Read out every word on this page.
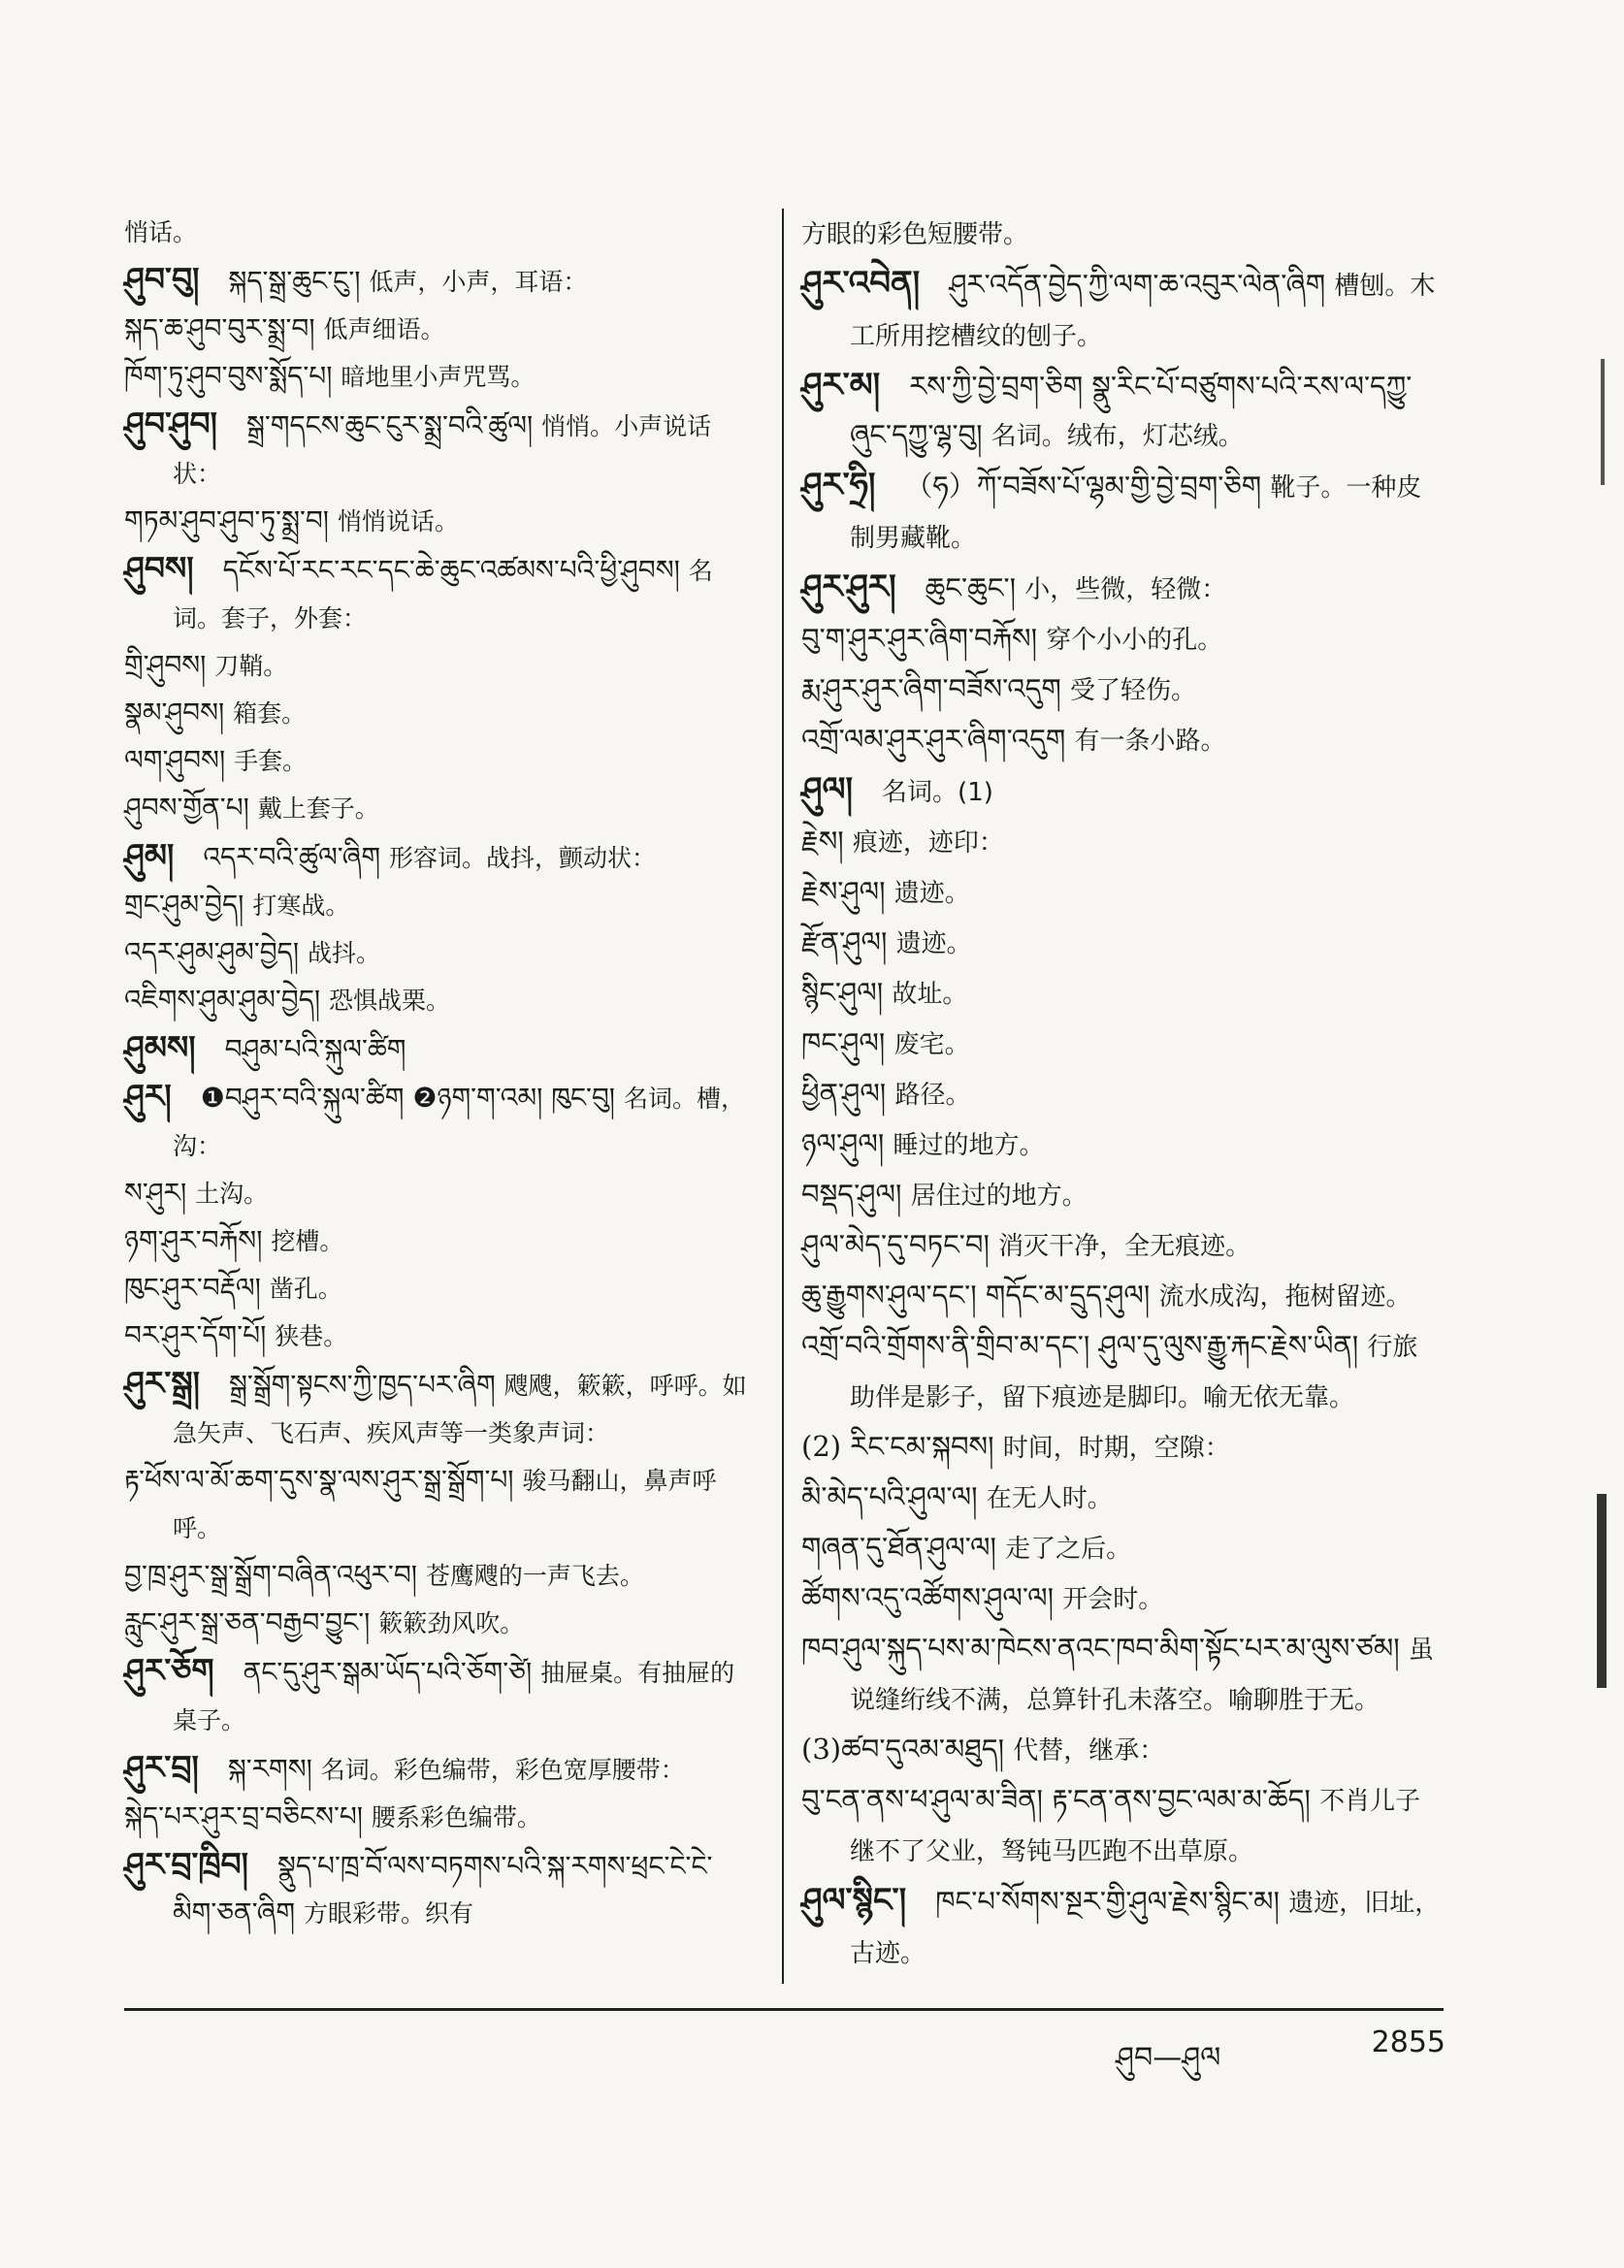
悄话。

ཤུབ་བུ། སྐད་སྒྲ་ཆུང་ངུ་། 低声，小声，耳语：

སྐད་ཆ་ཤུབ་བུར་སྨྲ་བ། 低声细语。

ཁོག་ཏུ་ཤུབ་བུས་སྨོད་པ། 暗地里小声咒骂。

ཤུབ་ཤུབ། སྒྲ་གདངས་ཆུང་ངུར་སྨྲ་བའི་ཚུལ། 悄悄。小声说话状：

གཏམ་ཤུབ་ཤུབ་ཏུ་སྨྲ་བ། 悄悄说话。

ཤུབས། དངོས་པོ་རང་རང་དང་ཆེ་ཆུང་འཚམས་པའི་ཕྱི་ཤུབས། 名词。套子，外套：

གྲི་ཤུབས། 刀鞘。

སྣམ་ཤུབས། 箱套。

ལག་ཤུབས། 手套。

ཤུབས་གྱོན་པ། 戴上套子。

ཤུམ། འདར་བའི་ཚུལ་ཞིག 形容词。战抖，颤动状：

གྲང་ཤུམ་བྱེད། 打寒战。

འདར་ཤུམ་ཤུམ་བྱེད། 战抖。

འཇིགས་ཤུམ་ཤུམ་བྱེད། 恐惧战栗。

ཤུམས། བཤུམ་པའི་སྐུལ་ཚིག

ཤུར། ❶བཤུར་བའི་སྐུལ་ཚིག ❷ཉག་ག་འམ། ཁུང་བུ། 名词。槽，沟：

ས་ཤུར། 土沟。

ཉག་ཤུར་བརྐོས། 挖槽。

ཁུང་ཤུར་བརྡོལ། 凿孔。

བར་ཤུར་དོག་པོ། 狭巷。

ཤུར་སྒྲ། སྒྲ་སྒྲོག་སྟངས་ཀྱི་ཁྱད་པར་ཞིག 飕飕，簌簌，呼呼。如急矢声、飞石声、疾风声等一类象声词：

རྟ་ཕོས་ལ་མོ་ཆག་དུས་སྣ་ལས་ཤུར་སྒྲ་སྒྲོག་པ། 骏马翻山，鼻声呼呼。

བྱ་ཁྲ་ཤུར་སྒྲ་སྒྲོག་བཞིན་འཕུར་བ། 苍鹰飕的一声飞去。

རླུང་ཤུར་སྒྲ་ཅན་བརྒྱབ་བྱུང་། 簌簌劲风吹。

ཤུར་ཅོག ནང་དུ་ཤུར་སྒམ་ཡོད་པའི་ཅོག་ཙེ། 抽屉桌。有抽屉的桌子。

ཤུར་བྲ། སྐ་རགས། 名词。彩色编带，彩色宽厚腰带：

སྐེད་པར་ཤུར་བྲ་བཅིངས་པ། 腰系彩色编带。

ཤུར་བྲ་ཁྲིབ། སྣུད་པ་ཁྲ་བོ་ལས་བཏགས་པའི་སྐ་རགས་ཕྲང་ངེ་ངེ་མིག་ཅན་ཞིག 方眼彩带。织有

方眼的彩色短腰带。

ཤུར་འབེན། ཤུར་འདོན་བྱེད་ཀྱི་ལག་ཆ་འབུར་ལེན་ཞིག 槽刨。木工所用挖槽纹的刨子。

ཤུར་མ། རས་ཀྱི་བྱེ་བྲག་ཅིག སྣུ་རིང་པོ་བཙུགས་པའི་རས་ལ་དཀྱུ་ཞུང་དཀྱུ་ལྷ་བུ། 名词。绒布，灯芯绒。

ཤུར་ཧྲི། （ཧ）ཀོ་བཟོས་པོ་ལྷམ་གྱི་བྱེ་བྲག་ཅིག 靴子。一种皮制男藏靴。

ཤུར་ཤུར། ཆུང་ཆུང་། 小，些微，轻微：

བུ་ག་ཤུར་ཤུར་ཞིག་བརྐོས། 穿个小小的孔。

རྨ་ཤུར་ཤུར་ཞིག་བཟོས་འདུག 受了轻伤。

འགྲོ་ལམ་ཤུར་ཤུར་ཞིག་འདུག 有一条小路。

ཤུལ། 名词。(1)

རྗེས། 痕迹，迹印：

རྗེས་ཤུལ། 遗迹。

རྫོན་ཤུལ། 遗迹。

སྙིང་ཤུལ། 故址。

ཁང་ཤུལ། 废宅。

ཕྱིན་ཤུལ། 路径。

ཉལ་ཤུལ། 睡过的地方。

བསྡད་ཤུལ། 居住过的地方。

ཤུལ་མེད་དུ་བཏང་བ། 消灭干净，全无痕迹。

ཆུ་རྒྱུགས་ཤུལ་དང་། གདོང་མ་དྲུད་ཤུལ། 流水成沟，拖树留迹。

འགྲོ་བའི་གྲོགས་ནི་གྲིབ་མ་དང་། ཤུལ་དུ་ལུས་རྒྱུ་རྐང་རྗེས་ཡིན། 行旅助伴是影子，留下痕迹是脚印。喻无依无靠。

(2) རིང་ངམ་སྐབས། 时间，时期，空隙：

མི་མེད་པའི་ཤུལ་ལ། 在无人时。

གཞན་དུ་ཐོན་ཤུལ་ལ། 走了之后。

ཚོགས་འདུ་འཚོགས་ཤུལ་ལ། 开会时。

ཁབ་ཤུལ་སྐུད་པས་མ་ཁེངས་ནའང་ཁབ་མིག་སྟོང་པར་མ་ལུས་ཙམ། 虽说缝绗线不满，总算针孔未落空。喻聊胜于无。

(3)ཚབ་དུའམ་མཐུད། 代替，继承：

བུ་ངན་ནས་ཕ་ཤུལ་མ་ཟིན། རྟ་ངན་ནས་བྱང་ལམ་མ་ཆོད། 不肖儿子继不了父业，驽钝马匹跑不出草原。

ཤུལ་སྙིང་། ཁང་པ་སོགས་སྔར་གྱི་ཤུལ་རྗེས་སྙིང་མ། 遗迹，旧址，古迹。

ཤུབ—ཤུལ	2855
